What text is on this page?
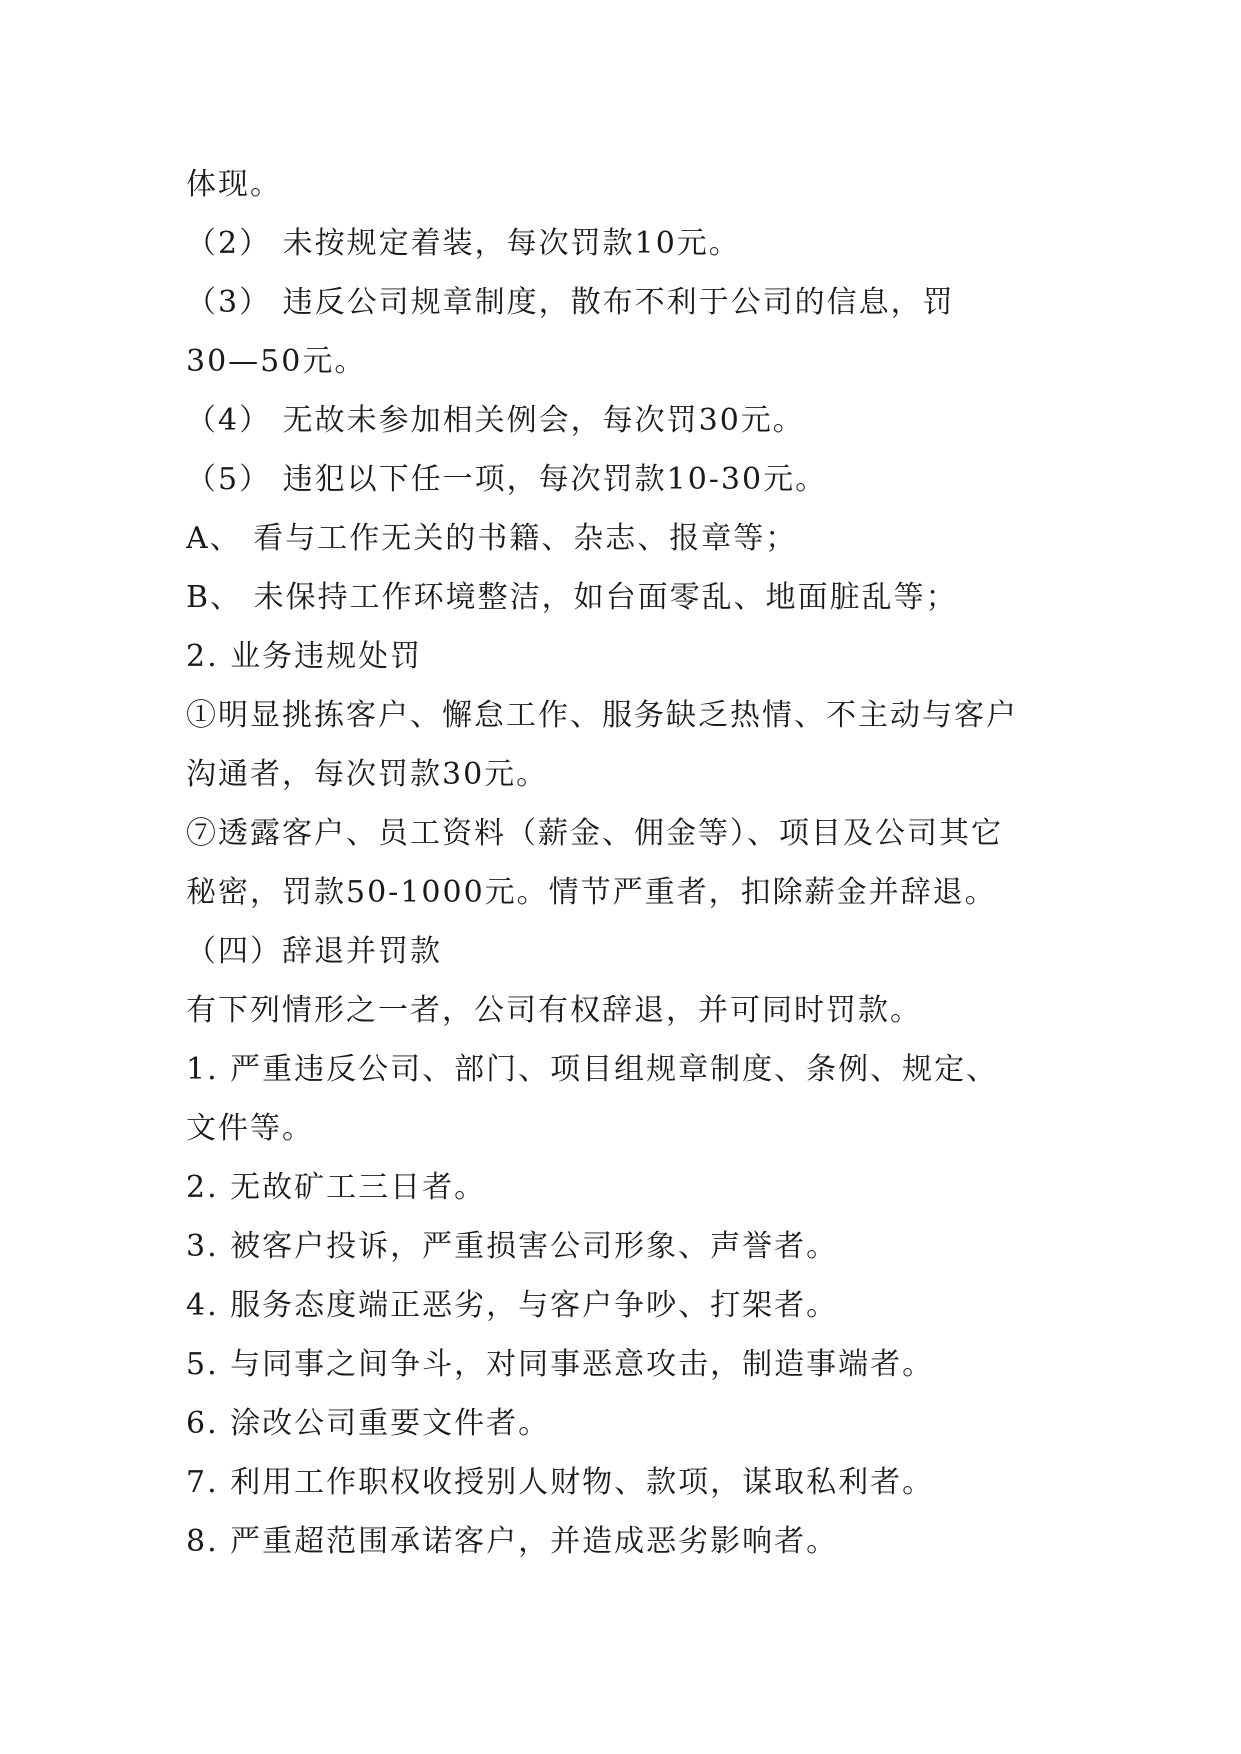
体现。
（2） 未按规定着装，每次罚款10元。
（3） 违反公司规章制度，散布不利于公司的信息，罚
30—50元。
（4） 无故未参加相关例会，每次罚30元。
（5） 违犯以下任一项，每次罚款10-30元。
A、 看与工作无关的书籍、杂志、报章等；
B、 未保持工作环境整洁，如台面零乱、地面脏乱等；
2. 业务违规处罚
①明显挑拣客户、懈怠工作、服务缺乏热情、不主动与客户
沟通者，每次罚款30元。
⑦透露客户、员工资料（薪金、佣金等）、项目及公司其它
秘密，罚款50-1000元。情节严重者，扣除薪金并辞退。
（四）辞退并罚款
有下列情形之一者，公司有权辞退，并可同时罚款。
1. 严重违反公司、部门、项目组规章制度、条例、规定、
文件等。
2. 无故矿工三日者。
3. 被客户投诉，严重损害公司形象、声誉者。
4. 服务态度端正恶劣，与客户争吵、打架者。
5. 与同事之间争斗，对同事恶意攻击，制造事端者。
6. 涂改公司重要文件者。
7. 利用工作职权收授别人财物、款项，谋取私利者。
8. 严重超范围承诺客户，并造成恶劣影响者。
